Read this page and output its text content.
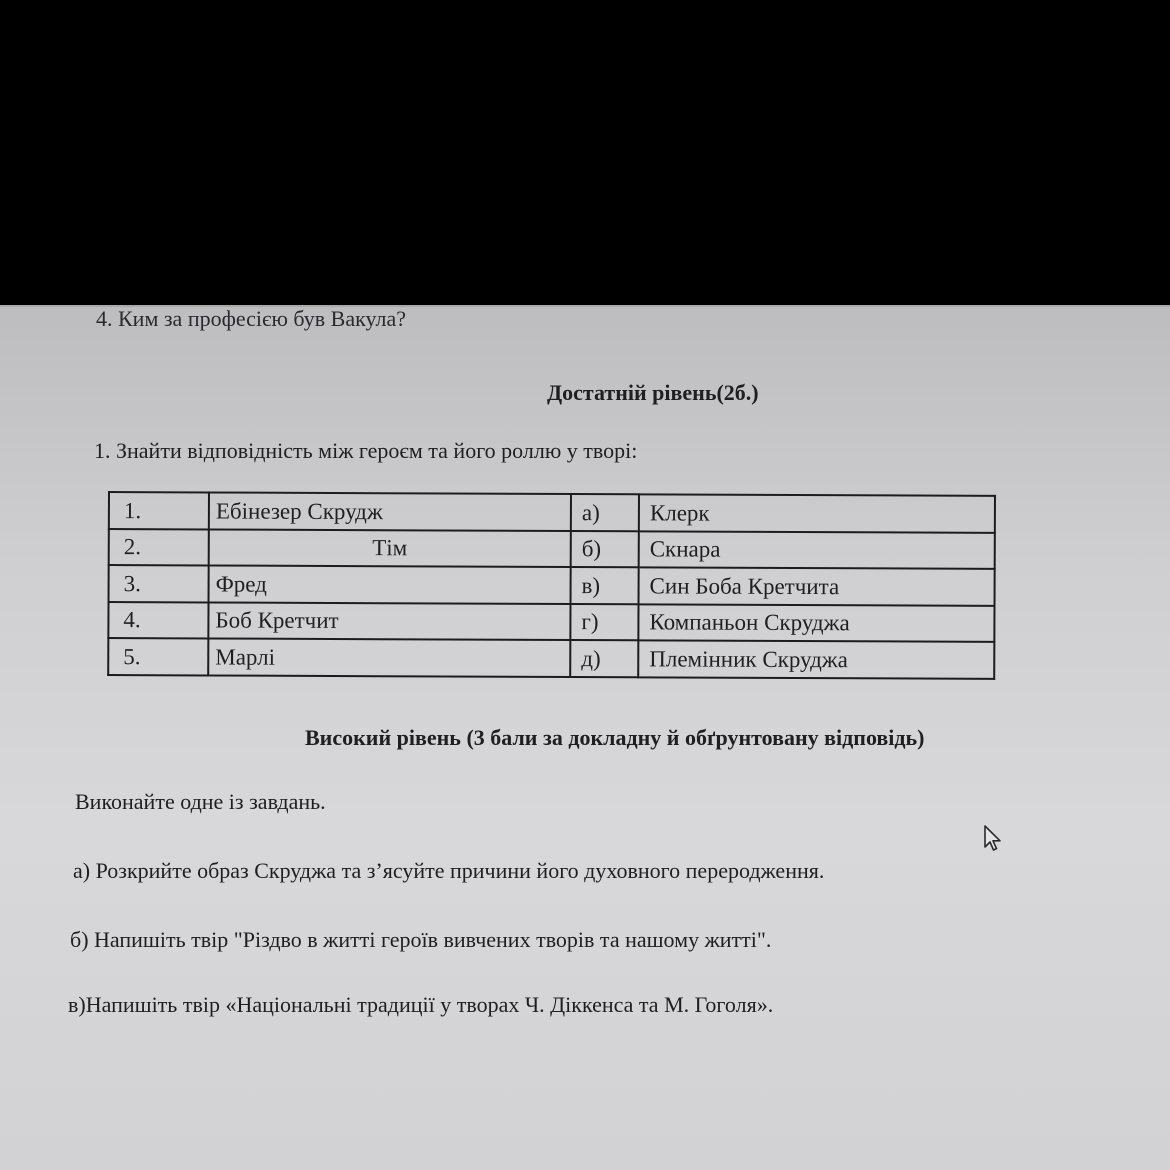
4. Ким за професією був Вакула?
Достатній рівень(2б.)
1. Знайти відповідність між героєм та його роллю у творі:
1.	Ебінезер Скрудж	а)	Клерк
2.	Тім	б)	Скнара
3.	Фред	в)	Син Боба Кретчита
4.	Боб Кретчит	г)	Компаньон Скруджа
5.	Марлі	д)	Племінник Скруджа
Високий рівень (3 бали за докладну й обґрунтовану відповідь)
Виконайте одне із завдань.
а) Розкрийте образ Скруджа та з’ясуйте причини його духовного переродження.
б) Напишіть твір "Різдво в житті героїв вивчених творів та нашому житті".
в)Напишіть твір «Національні традиції у творах Ч. Діккенса та М. Гоголя».
